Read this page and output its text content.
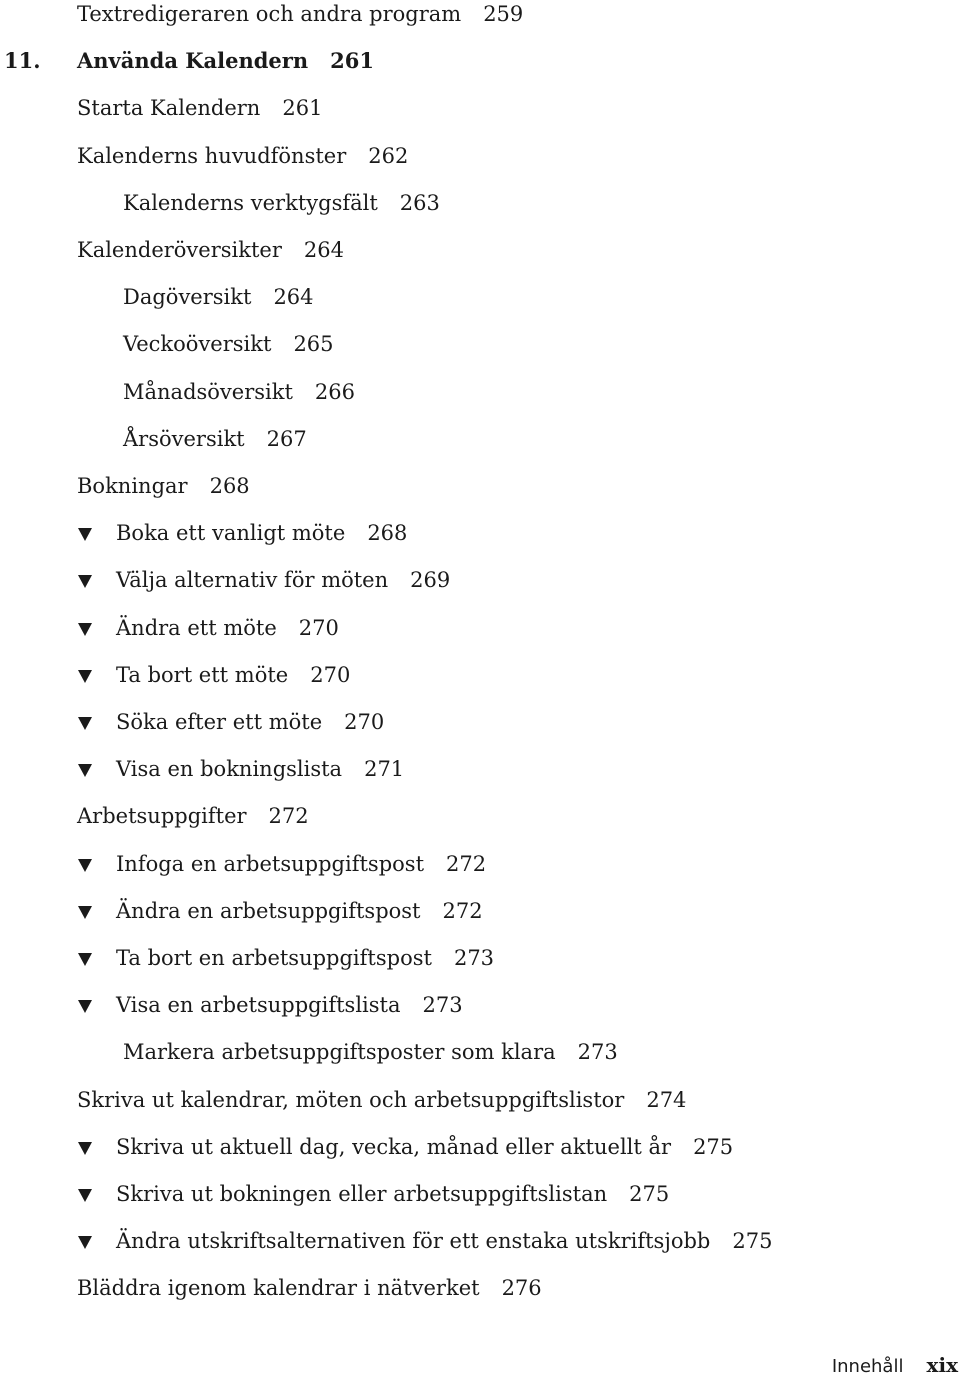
Textredigeraren och andra program 259
11. Använda Kalendern 261
Starta Kalendern 261
Kalenderns huvudfönster 262
Kalenderns verktygsfält 263
Kalenderöversikter 264
Dagöversikt 264
Veckoöversikt 265
Månadsöversikt 266
Årsöversikt 267
Bokningar 268
Boka ett vanligt möte 268
Välja alternativ för möten 269
Ändra ett möte 270
Ta bort ett möte 270
Söka efter ett möte 270
Visa en bokningslista 271
Arbetsuppgifter 272
Infoga en arbetsuppgiftspost 272
Ändra en arbetsuppgiftspost 272
Ta bort en arbetsuppgiftspost 273
Visa en arbetsuppgiftslista 273
Markera arbetsuppgiftsposter som klara 273
Skriva ut kalendrar, möten och arbetsuppgiftslistor 274
Skriva ut aktuell dag, vecka, månad eller aktuellt år 275
Skriva ut bokningen eller arbetsuppgiftslistan 275
Ändra utskriftsalternativen för ett enstaka utskriftsjobb 275
Bläddra igenom kalendrar i nätverket 276
Innehåll xix
